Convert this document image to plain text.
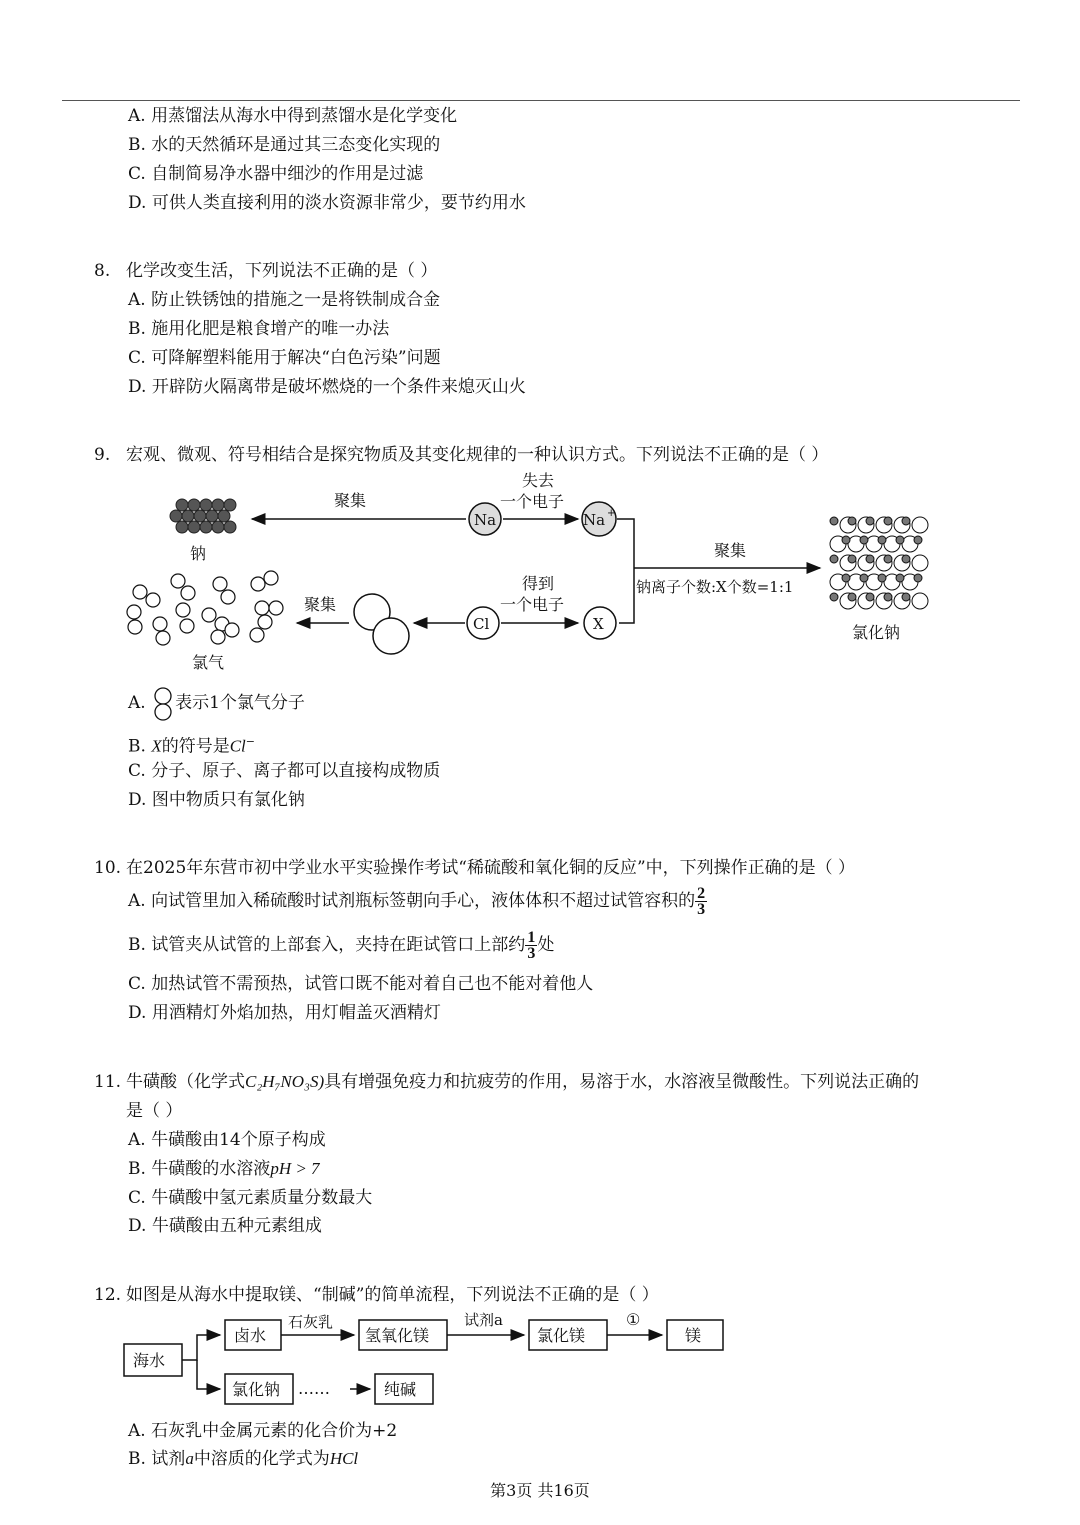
A. 用蒸馏法从海水中得到蒸馏水是化学变化
B. 水的天然循环是通过其三态变化实现的
C. 自制简易净水器中细沙的作用是过滤
D. 可供人类直接利用的淡水资源非常少，要节约用水
8. 化学改变生活，下列说法不正确的是（ ）
A. 防止铁锈蚀的措施之一是将铁制成合金
B. 施用化肥是粮食增产的唯一办法
C. 可降解塑料能用于解决“白色污染”问题
D. 开辟防火隔离带是破坏燃烧的一个条件来熄灭山火
9. 宏观、微观、符号相结合是探究物质及其变化规律的一种认识方式。下列说法不正确的是（ ）
钠
聚集
Na
失去
一个电子
Na +
聚集
钠离子个数:X个数=1:1
Cl
得到
一个电子
X
聚集
氯气
氯化钠
A. 表示1个氯气分子
B. X的符号是Cl−
C. 分子、原子、离子都可以直接构成物质
D. 图中物质只有氯化钠
10. 在2025年东营市初中学业水平实验操作考试“稀硫酸和氧化铜的反应”中，下列操作正确的是（ ）
A. 向试管里加入稀硫酸时试剂瓶标签朝向手心，液体体积不超过试管容积的 $\frac{2}{3}$
B. 试管夹从试管的上部套入，夹持在距试管口上部约 $\frac{1}{3}$ 处
C. 加热试管不需预热，试管口既不能对着自己也不能对着他人
D. 用酒精灯外焰加热，用灯帽盖灭酒精灯
11. 牛磺酸（化学式C₂H₇NO₃S)具有增强免疫力和抗疲劳的作用，易溶于水，水溶液呈微酸性。下列说法正确的
是（ ）
A. 牛磺酸由14个原子构成
B. 牛磺酸的水溶液pH > 7
C. 牛磺酸中氢元素质量分数最大
D. 牛磺酸由五种元素组成
12. 如图是从海水中提取镁、“制碱”的简单流程，下列说法不正确的是（ ）
海水
卤水
石灰乳
氢氧化镁
试剂a
氯化镁
①
镁
氯化钠 ……	纯碱
A. 石灰乳中金属元素的化合价为+2
B. 试剂a中溶质的化学式为HCl
第3页 共16页
